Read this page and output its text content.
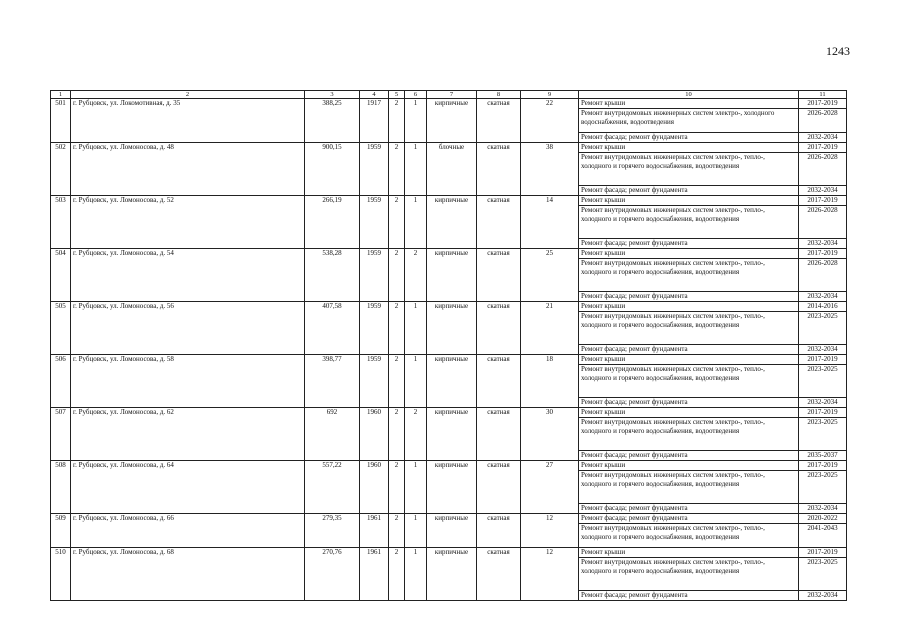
1243
1	2	3	4	5	6	7	8	9	10	11
501	г. Рубцовск, ул. Локомотивная, д. 35	388,25	1917	2	1	кирпичные	скатная	22	Ремонт крыши	2017-2019
									Ремонт внутридомовых инженерных систем электро-, холодного водоснабжения, водоотведения	2026-2028
									Ремонт фасада; ремонт фундамента	2032-2034
502	г. Рубцовск, ул. Ломоносова, д. 48	900,15	1959	2	1	блочные	скатная	38	Ремонт крыши	2017-2019
									Ремонт внутридомовых инженерных систем электро-, тепло-, холодного и горячего водоснабжения, водоотведения	2026-2028
									Ремонт фасада; ремонт фундамента	2032-2034
503	г. Рубцовск, ул. Ломоносова, д. 52	266,19	1959	2	1	кирпичные	скатная	14	Ремонт крыши	2017-2019
									Ремонт внутридомовых инженерных систем электро-, тепло-, холодного и горячего водоснабжения, водоотведения	2026-2028
									Ремонт фасада; ремонт фундамента	2032-2034
504	г. Рубцовск, ул. Ломоносова, д. 54	538,28	1959	2	2	кирпичные	скатная	25	Ремонт крыши	2017-2019
									Ремонт внутридомовых инженерных систем электро-, тепло-, холодного и горячего водоснабжения, водоотведения	2026-2028
									Ремонт фасада; ремонт фундамента	2032-2034
505	г. Рубцовск, ул. Ломоносова, д. 56	407,58	1959	2	1	кирпичные	скатная	21	Ремонт крыши	2014-2016
									Ремонт внутридомовых инженерных систем электро-, тепло-, холодного и горячего водоснабжения, водоотведения	2023-2025
									Ремонт фасада; ремонт фундамента	2032-2034
506	г. Рубцовск, ул. Ломоносова, д. 58	398,77	1959	2	1	кирпичные	скатная	18	Ремонт крыши	2017-2019
									Ремонт внутридомовых инженерных систем электро-, тепло-, холодного и горячего водоснабжения, водоотведения	2023-2025
									Ремонт фасада; ремонт фундамента	2032-2034
507	г. Рубцовск, ул. Ломоносова, д. 62	692	1960	2	2	кирпичные	скатная	30	Ремонт крыши	2017-2019
									Ремонт внутридомовых инженерных систем электро-, тепло-, холодного и горячего водоснабжения, водоотведения	2023-2025
									Ремонт фасада; ремонт фундамента	2035-2037
508	г. Рубцовск, ул. Ломоносова, д. 64	557,22	1960	2	1	кирпичные	скатная	27	Ремонт крыши	2017-2019
									Ремонт внутридомовых инженерных систем электро-, тепло-, холодного и горячего водоснабжения, водоотведения	2023-2025
									Ремонт фасада; ремонт фундамента	2032-2034
509	г. Рубцовск, ул. Ломоносова, д. 66	279,35	1961	2	1	кирпичные	скатная	12	Ремонт фасада; ремонт фундамента	2020-2022
									Ремонт внутридомовых инженерных систем электро-, тепло-, холодного и горячего водоснабжения, водоотведения	2041-2043
510	г. Рубцовск, ул. Ломоносова, д. 68	270,76	1961	2	1	кирпичные	скатная	12	Ремонт крыши	2017-2019
									Ремонт внутридомовых инженерных систем электро-, тепло-, холодного и горячего водоснабжения, водоотведения	2023-2025
									Ремонт фасада; ремонт фундамента	2032-2034
